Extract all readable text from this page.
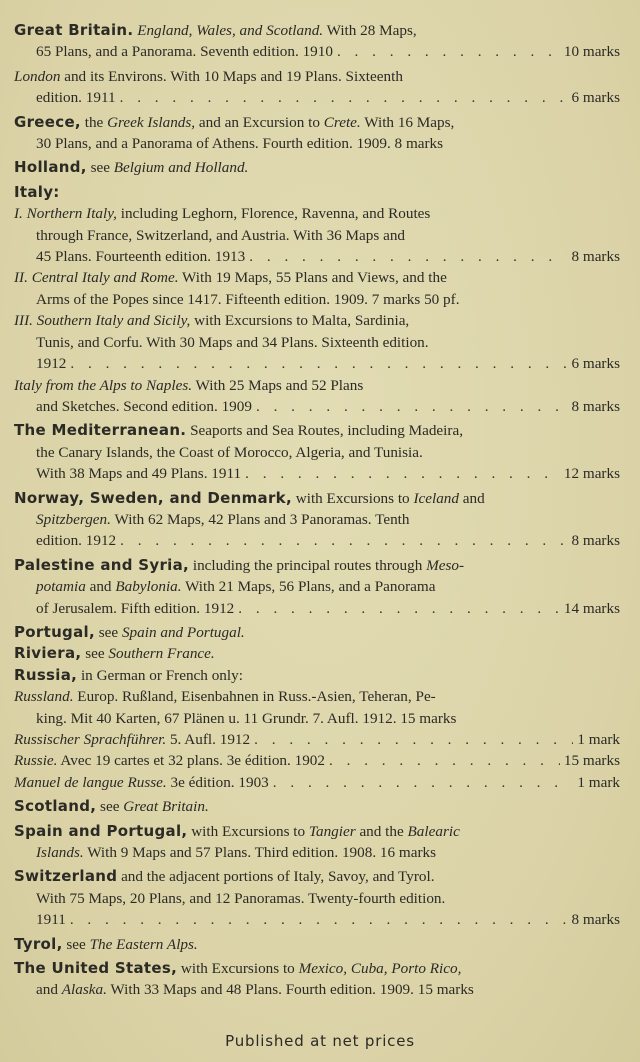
Great Britain. England, Wales, and Scotland. With 28 Maps,
65 Plans, and a Panorama. Seventh edition. 1910 . . .	10 marks
London and its Environs. With 10 Maps and 19 Plans. Sixteenth
edition. 1911 . . .	6 marks
Greece, the Greek Islands, and an Excursion to Crete. With 16 Maps,
30 Plans, and a Panorama of Athens. Fourth edition. 1909. 8 marks
Holland, see Belgium and Holland.
Italy:
I. Northern Italy, including Leghorn, Florence, Ravenna, and Routes
through France, Switzerland, and Austria. With 36 Maps and
45 Plans. Fourteenth edition. 1913 . . .	8 marks
II. Central Italy and Rome. With 19 Maps, 55 Plans and Views, and the
Arms of the Popes since 1417. Fifteenth edition. 1909. 7 marks 50 pf.
III. Southern Italy and Sicily, with Excursions to Malta, Sardinia,
Tunis, and Corfu. With 30 Maps and 34 Plans. Sixteenth edition.
1912 . . .	6 marks
Italy from the Alps to Naples. With 25 Maps and 52 Plans
and Sketches. Second edition. 1909 . . .	8 marks
The Mediterranean. Seaports and Sea Routes, including Madeira,
the Canary Islands, the Coast of Morocco, Algeria, and Tunisia.
With 38 Maps and 49 Plans. 1911 . . .	12 marks
Norway, Sweden, and Denmark, with Excursions to Iceland and
Spitzbergen. With 62 Maps, 42 Plans and 3 Panoramas. Tenth
edition. 1912 . . .	8 marks
Palestine and Syria, including the principal routes through Meso-
potamia and Babylonia. With 21 Maps, 56 Plans, and a Panorama
of Jerusalem. Fifth edition. 1912 . . .	14 marks
Portugal, see Spain and Portugal.
Riviera, see Southern France.
Russia, in German or French only:
Russland. Europ. Rußland, Eisenbahnen in Russ.-Asien, Teheran, Pe-
king. Mit 40 Karten, 67 Plänen u. 11 Grundr. 7. Aufl. 1912. 15 marks
Russischer Sprachführer. 5. Aufl. 1912 . . .	1 mark
Russie. Avec 19 cartes et 32 plans. 3e édition. 1902 . . .	15 marks
Manuel de langue Russe. 3e édition. 1903 . . .	1 mark
Scotland, see Great Britain.
Spain and Portugal, with Excursions to Tangier and the Balearic
Islands. With 9 Maps and 57 Plans. Third edition. 1908. 16 marks
Switzerland and the adjacent portions of Italy, Savoy, and Tyrol.
With 75 Maps, 20 Plans, and 12 Panoramas. Twenty-fourth edition.
1911 . . .	8 marks
Tyrol, see The Eastern Alps.
The United States, with Excursions to Mexico, Cuba, Porto Rico,
and Alaska. With 33 Maps and 48 Plans. Fourth edition. 1909. 15 marks
Published at net prices
